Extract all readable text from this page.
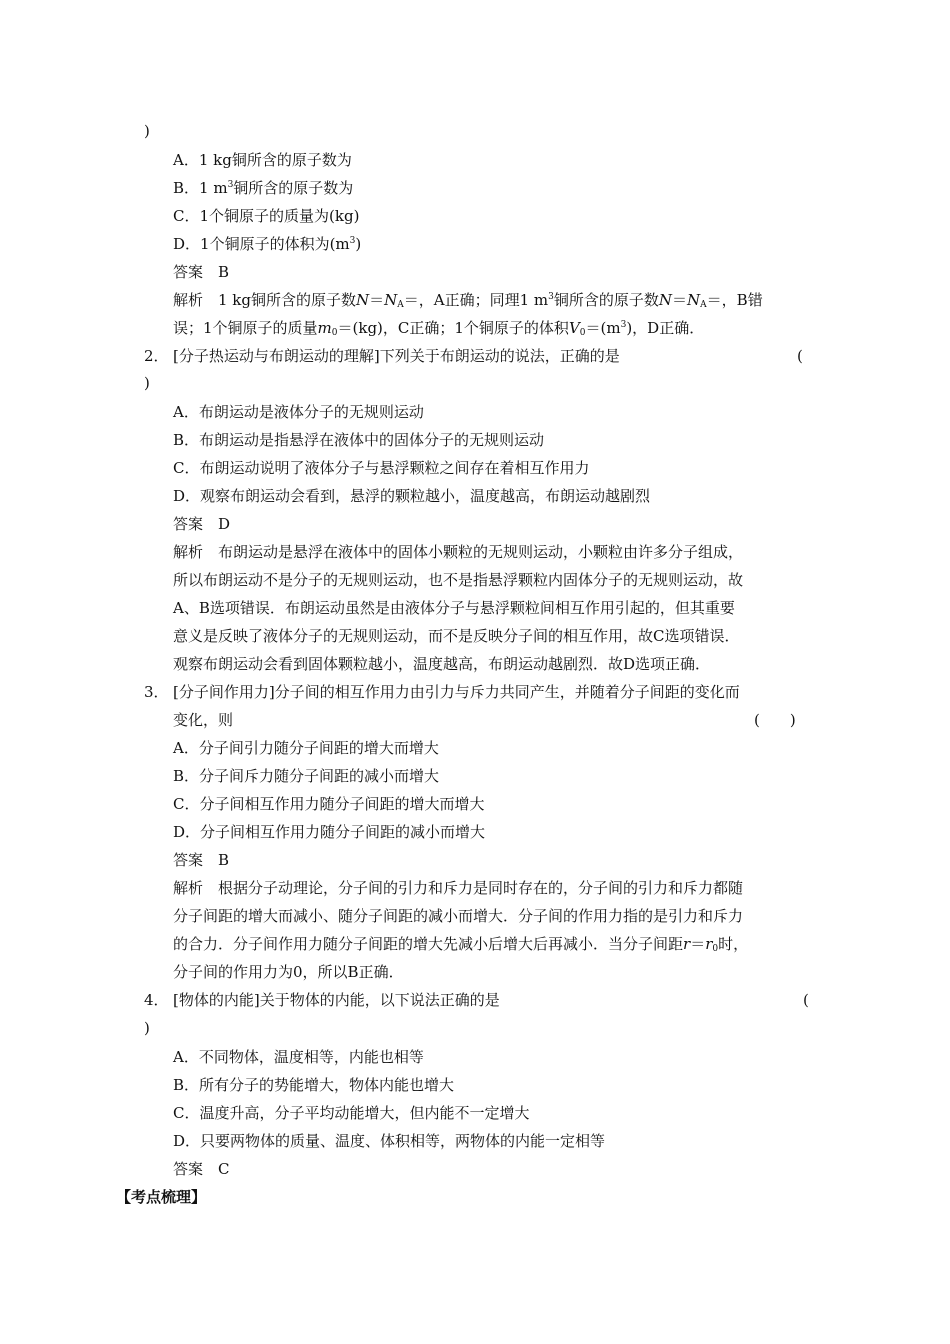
)
A．1 kg铜所含的原子数为
B．1 $m^3$铜所含的原子数为
C．1个铜原子的质量为(kg)
D．1个铜原子的体积为$(m^3)$
答案　B
解析　1 kg铜所含的原子数$N=N_A=$，A正确；同理1 $m^3$铜所含的原子数$N=N_A=$，B错
误；1个铜原子的质量$m_0=(kg)$，C正确；1个铜原子的体积$V_0=(m^3)$，D正确．
2． [分子热运动与布朗运动的理解]下列关于布朗运动的说法，正确的是	(
)
A．布朗运动是液体分子的无规则运动
B．布朗运动是指悬浮在液体中的固体分子的无规则运动
C．布朗运动说明了液体分子与悬浮颗粒之间存在着相互作用力
D．观察布朗运动会看到，悬浮的颗粒越小，温度越高，布朗运动越剧烈
答案　D
解析　布朗运动是悬浮在液体中的固体小颗粒的无规则运动，小颗粒由许多分子组成，
所以布朗运动不是分子的无规则运动，也不是指悬浮颗粒内固体分子的无规则运动，故
A、B选项错误．布朗运动虽然是由液体分子与悬浮颗粒间相互作用引起的，但其重要
意义是反映了液体分子的无规则运动，而不是反映分子间的相互作用，故C选项错误．
观察布朗运动会看到固体颗粒越小，温度越高，布朗运动越剧烈．故D选项正确．
3． [分子间作用力]分子间的相互作用力由引力与斥力共同产生，并随着分子间距的变化而
变化，则	(　　)
A．分子间引力随分子间距的增大而增大
B．分子间斥力随分子间距的减小而增大
C．分子间相互作用力随分子间距的增大而增大
D．分子间相互作用力随分子间距的减小而增大
答案　B
解析　根据分子动理论，分子间的引力和斥力是同时存在的，分子间的引力和斥力都随
分子间距的增大而减小、随分子间距的减小而增大．分子间的作用力指的是引力和斥力
的合力．分子间作用力随分子间距的增大先减小后增大后再减小．当分子间距$r=r_0$时，
分子间的作用力为0，所以B正确．
4． [物体的内能]关于物体的内能，以下说法正确的是	(
)
A．不同物体，温度相等，内能也相等
B．所有分子的势能增大，物体内能也增大
C．温度升高，分子平均动能增大，但内能不一定增大
D．只要两物体的质量、温度、体积相等，两物体的内能一定相等
答案　C
【考点梳理】
